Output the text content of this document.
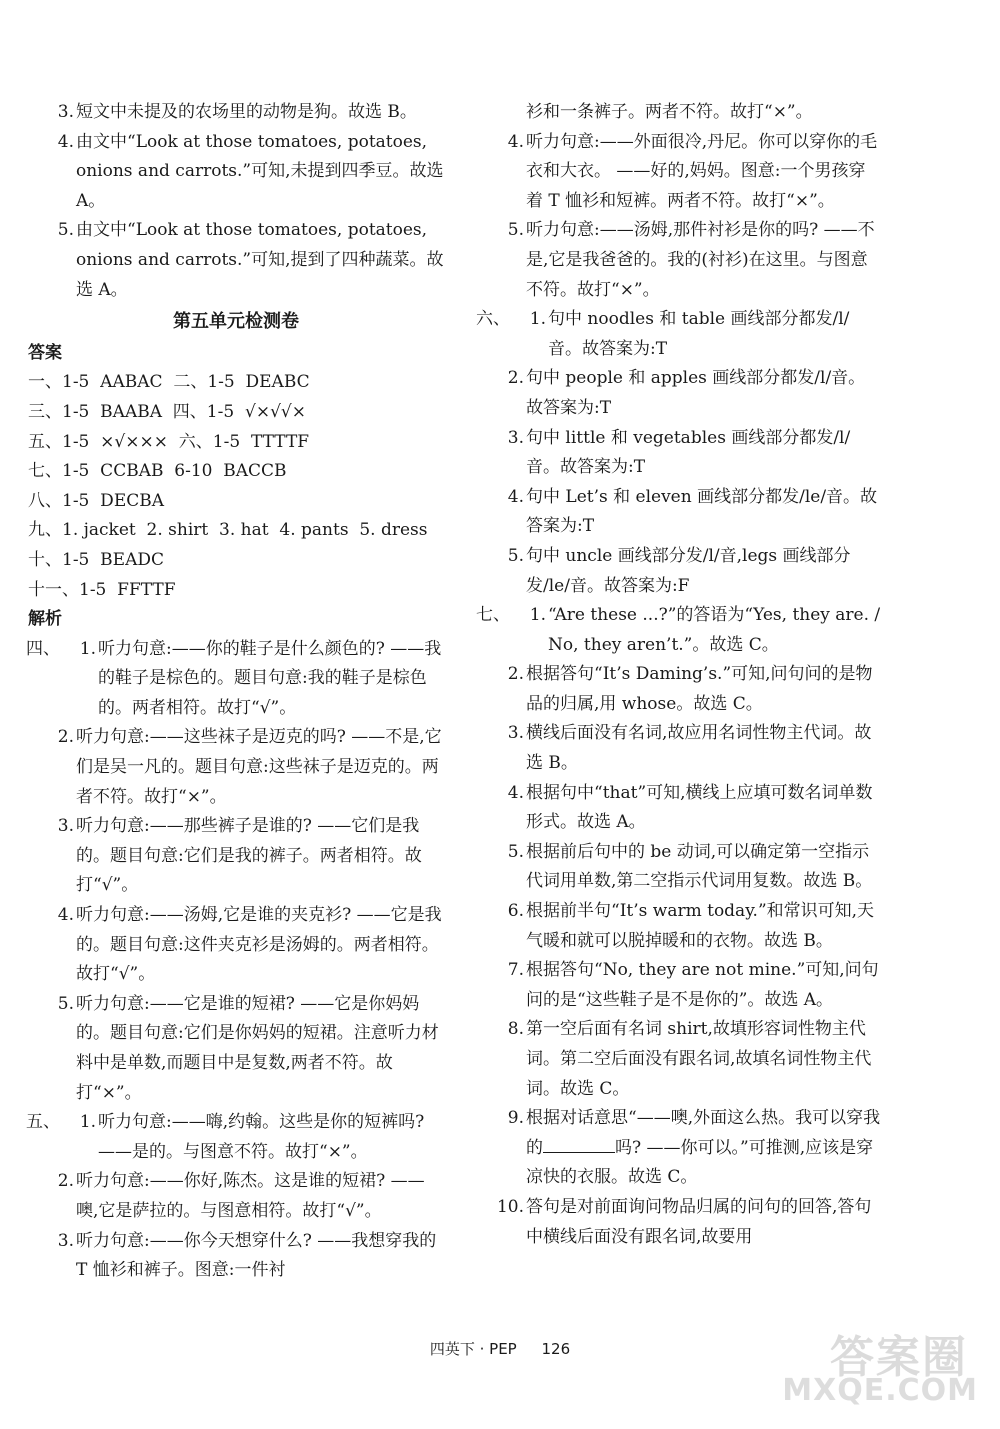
3. 短文中未提及的农场里的动物是狗。故选 B。
4. 由文中“Look at those tomatoes, potatoes, onions and carrots.”可知,未提到四季豆。故选 A。
5. 由文中“Look at those tomatoes, potatoes, onions and carrots.”可知,提到了四种蔬菜。故选 A。
第五单元检测卷
答案
一、1-5  AABAC  二、1-5  DEABC
三、1-5  BAABA  四、1-5  √×√√×
五、1-5  ×√×××  六、1-5  TTTTF
七、1-5  CCBAB  6-10  BACCB
八、1-5  DECBA
九、1. jacket  2. shirt  3. hat  4. pants  5. dress
十、1-5  BEADC
十一、1-5  FFTTF
解析
四、 1. 听力句意:——你的鞋子是什么颜色的? ——我的鞋子是棕色的。题目句意:我的鞋子是棕色的。两者相符。故打“√”。
2. 听力句意:——这些袜子是迈克的吗? ——不是,它们是吴一凡的。题目句意:这些袜子是迈克的。两者不符。故打“×”。
3. 听力句意:——那些裤子是谁的? ——它们是我的。题目句意:它们是我的裤子。两者相符。故打“√”。
4. 听力句意:——汤姆,它是谁的夹克衫? ——它是我的。题目句意:这件夹克衫是汤姆的。两者相符。故打“√”。
5. 听力句意:——它是谁的短裙? ——它是你妈妈的。题目句意:它们是你妈妈的短裙。注意听力材料中是单数,而题目中是复数,两者不符。故打“×”。
五、 1. 听力句意:——嗨,约翰。这些是你的短裤吗? ——是的。与图意不符。故打“×”。
2. 听力句意:——你好,陈杰。这是谁的短裙? ——噢,它是萨拉的。与图意相符。故打“√”。
3. 听力句意:——你今天想穿什么? ——我想穿我的 T 恤衫和裤子。图意:一件衬
衫和一条裤子。两者不符。故打“×”。
4. 听力句意:——外面很冷,丹尼。你可以穿你的毛衣和大衣。 ——好的,妈妈。图意:一个男孩穿着 T 恤衫和短裤。两者不符。故打“×”。
5. 听力句意:——汤姆,那件衬衫是你的吗? ——不是,它是我爸爸的。我的(衬衫)在这里。与图意不符。故打“×”。
六、 1. 句中 noodles 和 table 画线部分都发/l/音。故答案为:T
2. 句中 people 和 apples 画线部分都发/l/音。故答案为:T
3. 句中 little 和 vegetables 画线部分都发/l/音。故答案为:T
4. 句中 Let’s 和 eleven 画线部分都发/le/音。故答案为:T
5. 句中 uncle 画线部分发/l/音,legs 画线部分发/le/音。故答案为:F
七、 1. “Are these ...?”的答语为“Yes, they are. / No, they aren’t.”。故选 C。
2. 根据答句“It’s Daming’s.”可知,问句问的是物品的归属,用 whose。故选 C。
3. 横线后面没有名词,故应用名词性物主代词。故选 B。
4. 根据句中“that”可知,横线上应填可数名词单数形式。故选 A。
5. 根据前后句中的 be 动词,可以确定第一空指示代词用单数,第二空指示代词用复数。故选 B。
6. 根据前半句“It’s warm today.”和常识可知,天气暖和就可以脱掉暖和的衣物。故选 B。
7. 根据答句“No, they are not mine.”可知,问句问的是“这些鞋子是不是你的”。故选 A。
8. 第一空后面有名词 shirt,故填形容词性物主代词。第二空后面没有跟名词,故填名词性物主代词。故选 C。
9. 根据对话意思“——噢,外面这么热。我可以穿我的	吗? ——你可以。”可推测,应该是穿凉快的衣服。故选 C。
10. 答句是对前面询问物品归属的问句的回答,答句中横线后面没有跟名词,故要用
四英下 · PEP 126	答案圈
MXQE.COM
